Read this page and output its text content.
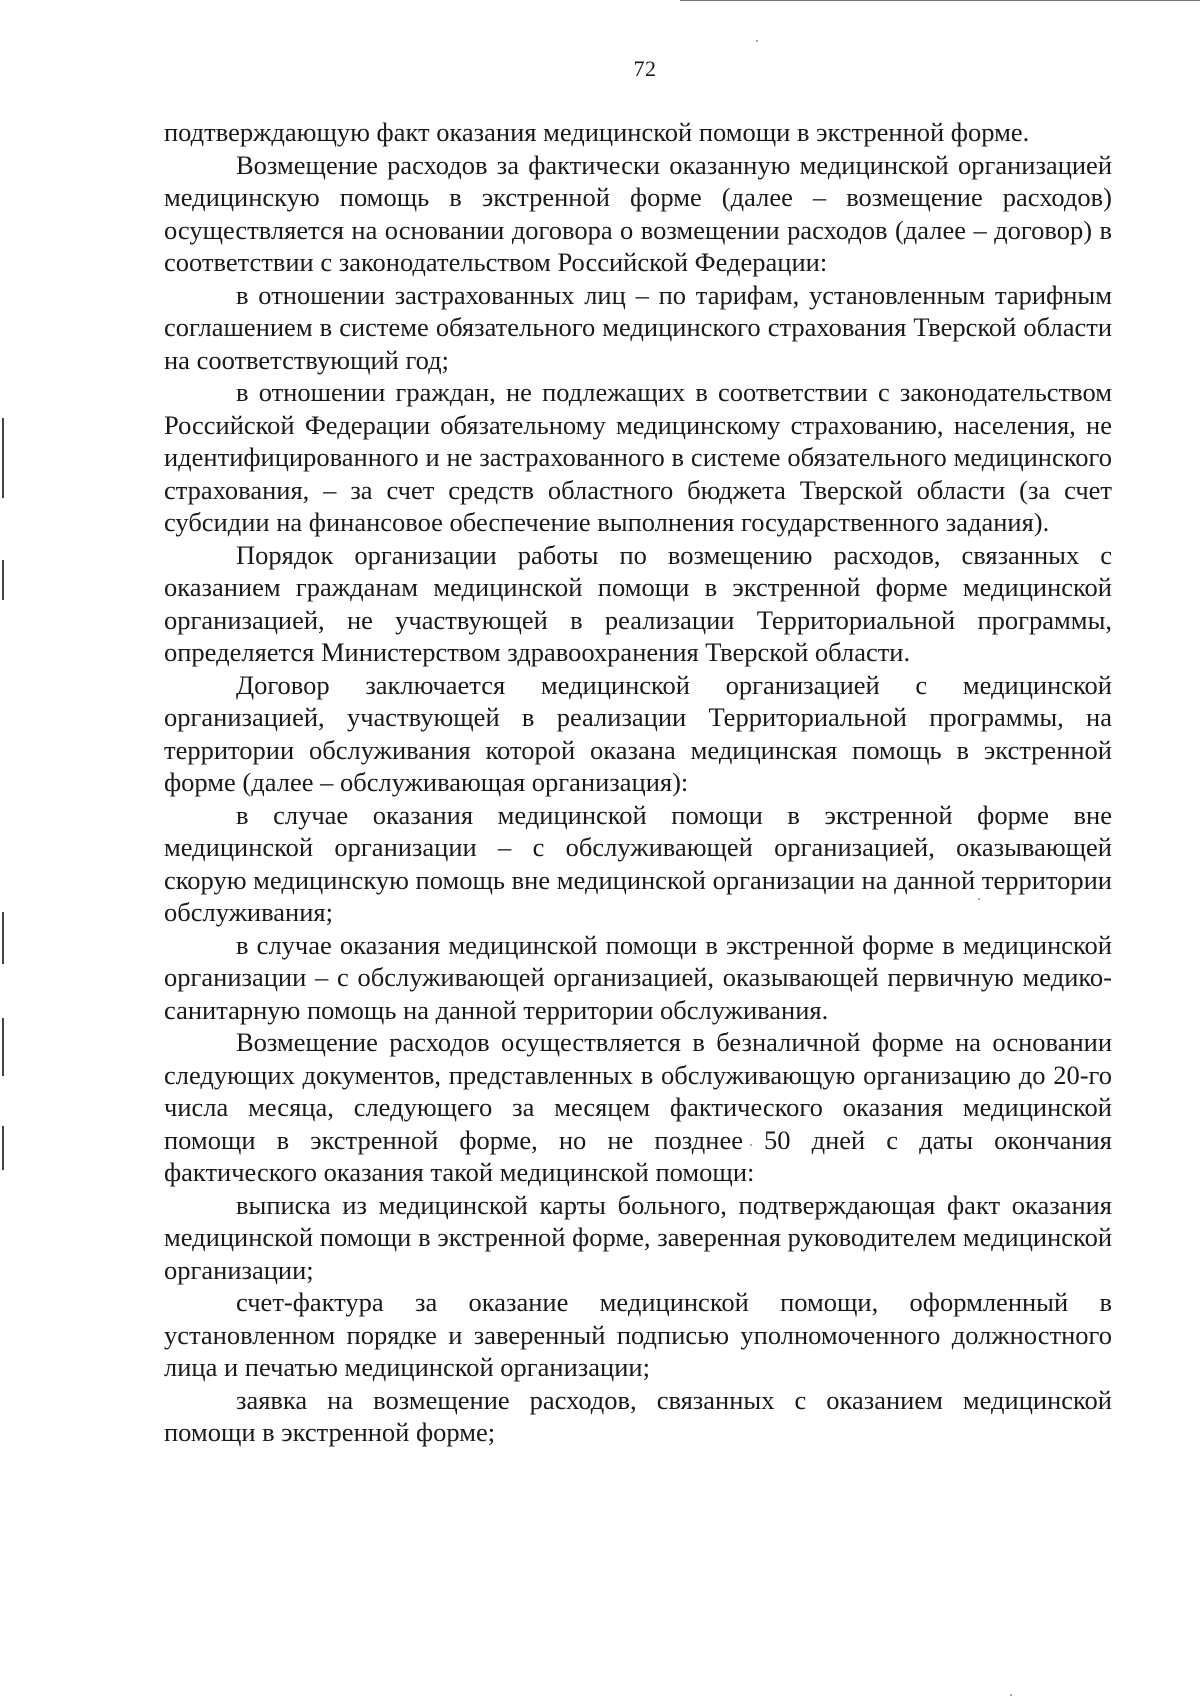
72

подтверждающую факт оказания медицинской помощи в экстренной форме.

Возмещение расходов за фактически оказанную медицинской организацией медицинскую помощь в экстренной форме (далее – возмещение расходов) осуществляется на основании договора о возмещении расходов (далее – договор) в соответствии с законодательством Российской Федерации:

в отношении застрахованных лиц – по тарифам, установленным тарифным соглашением в системе обязательного медицинского страхования Тверской области на соответствующий год;

в отношении граждан, не подлежащих в соответствии с законодательством Российской Федерации обязательному медицинскому страхованию, населения, не идентифицированного и не застрахованного в системе обязательного медицинского страхования, – за счет средств областного бюджета Тверской области (за счет субсидии на финансовое обеспечение выполнения государственного задания).

Порядок организации работы по возмещению расходов, связанных с оказанием гражданам медицинской помощи в экстренной форме медицинской организацией, не участвующей в реализации Территориальной программы, определяется Министерством здравоохранения Тверской области.

Договор заключается медицинской организацией с медицинской организацией, участвующей в реализации Территориальной программы, на территории обслуживания которой оказана медицинская помощь в экстренной форме (далее – обслуживающая организация):

в случае оказания медицинской помощи в экстренной форме вне медицинской организации – с обслуживающей организацией, оказывающей скорую медицинскую помощь вне медицинской организации на данной территории обслуживания;

в случае оказания медицинской помощи в экстренной форме в медицинской организации – с обслуживающей организацией, оказывающей первичную медико-санитарную помощь на данной территории обслуживания.

Возмещение расходов осуществляется в безналичной форме на основании следующих документов, представленных в обслуживающую организацию до 20-го числа месяца, следующего за месяцем фактического оказания медицинской помощи в экстренной форме, но не позднее 50 дней с даты окончания фактического оказания такой медицинской помощи:

выписка из медицинской карты больного, подтверждающая факт оказания медицинской помощи в экстренной форме, заверенная руководителем медицинской организации;

счет-фактура за оказание медицинской помощи, оформленный в установленном порядке и заверенный подписью уполномоченного должностного лица и печатью медицинской организации;

заявка на возмещение расходов, связанных с оказанием медицинской помощи в экстренной форме;
